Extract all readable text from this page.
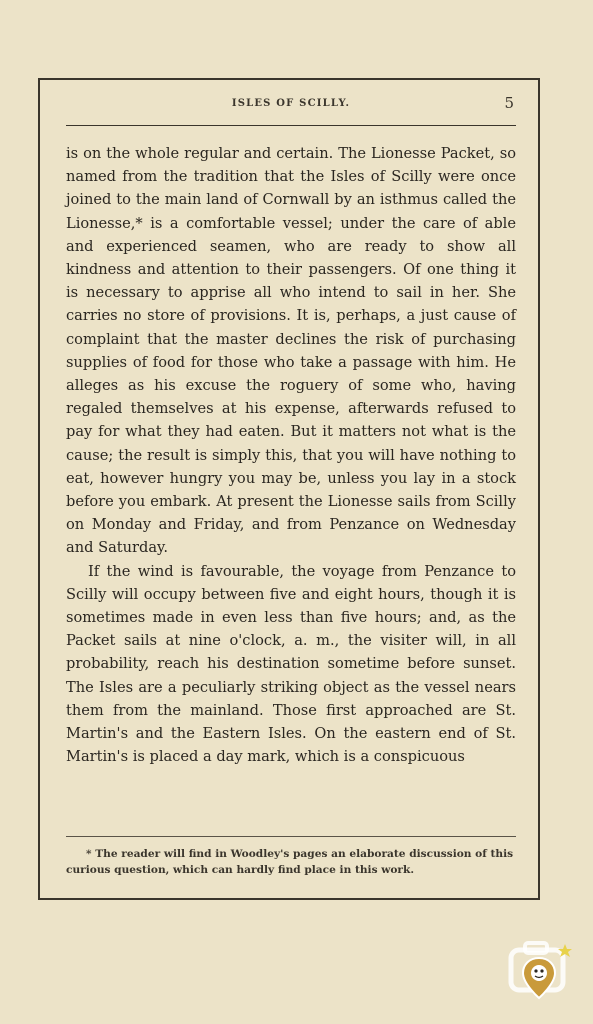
ISLES OF SCILLY.	5

is on the whole regular and certain. The Lionesse Packet, so named from the tradition that the Isles of Scilly were once joined to the main land of Cornwall by an isthmus called the Lionesse,* is a comfortable vessel; under the care of able and experienced seamen, who are ready to show all kindness and attention to their passengers. Of one thing it is necessary to apprise all who intend to sail in her. She carries no store of provisions. It is, perhaps, a just cause of complaint that the master declines the risk of purchasing supplies of food for those who take a passage with him. He alleges as his excuse the roguery of some who, having regaled themselves at his expense, afterwards refused to pay for what they had eaten. But it matters not what is the cause; the result is simply this, that you will have nothing to eat, however hungry you may be, unless you lay in a stock before you embark. At present the Lionesse sails from Scilly on Monday and Friday, and from Penzance on Wednesday and Saturday.

If the wind is favourable, the voyage from Penzance to Scilly will occupy between five and eight hours, though it is sometimes made in even less than five hours; and, as the Packet sails at nine o'clock, a. m., the visiter will, in all probability, reach his destination sometime before sunset. The Isles are a peculiarly striking object as the vessel nears them from the mainland. Those first approached are St. Martin's and the Eastern Isles. On the eastern end of St. Martin's is placed a day mark, which is a conspicuous

* The reader will find in Woodley's pages an elaborate discussion of this curious question, which can hardly find place in this work.
